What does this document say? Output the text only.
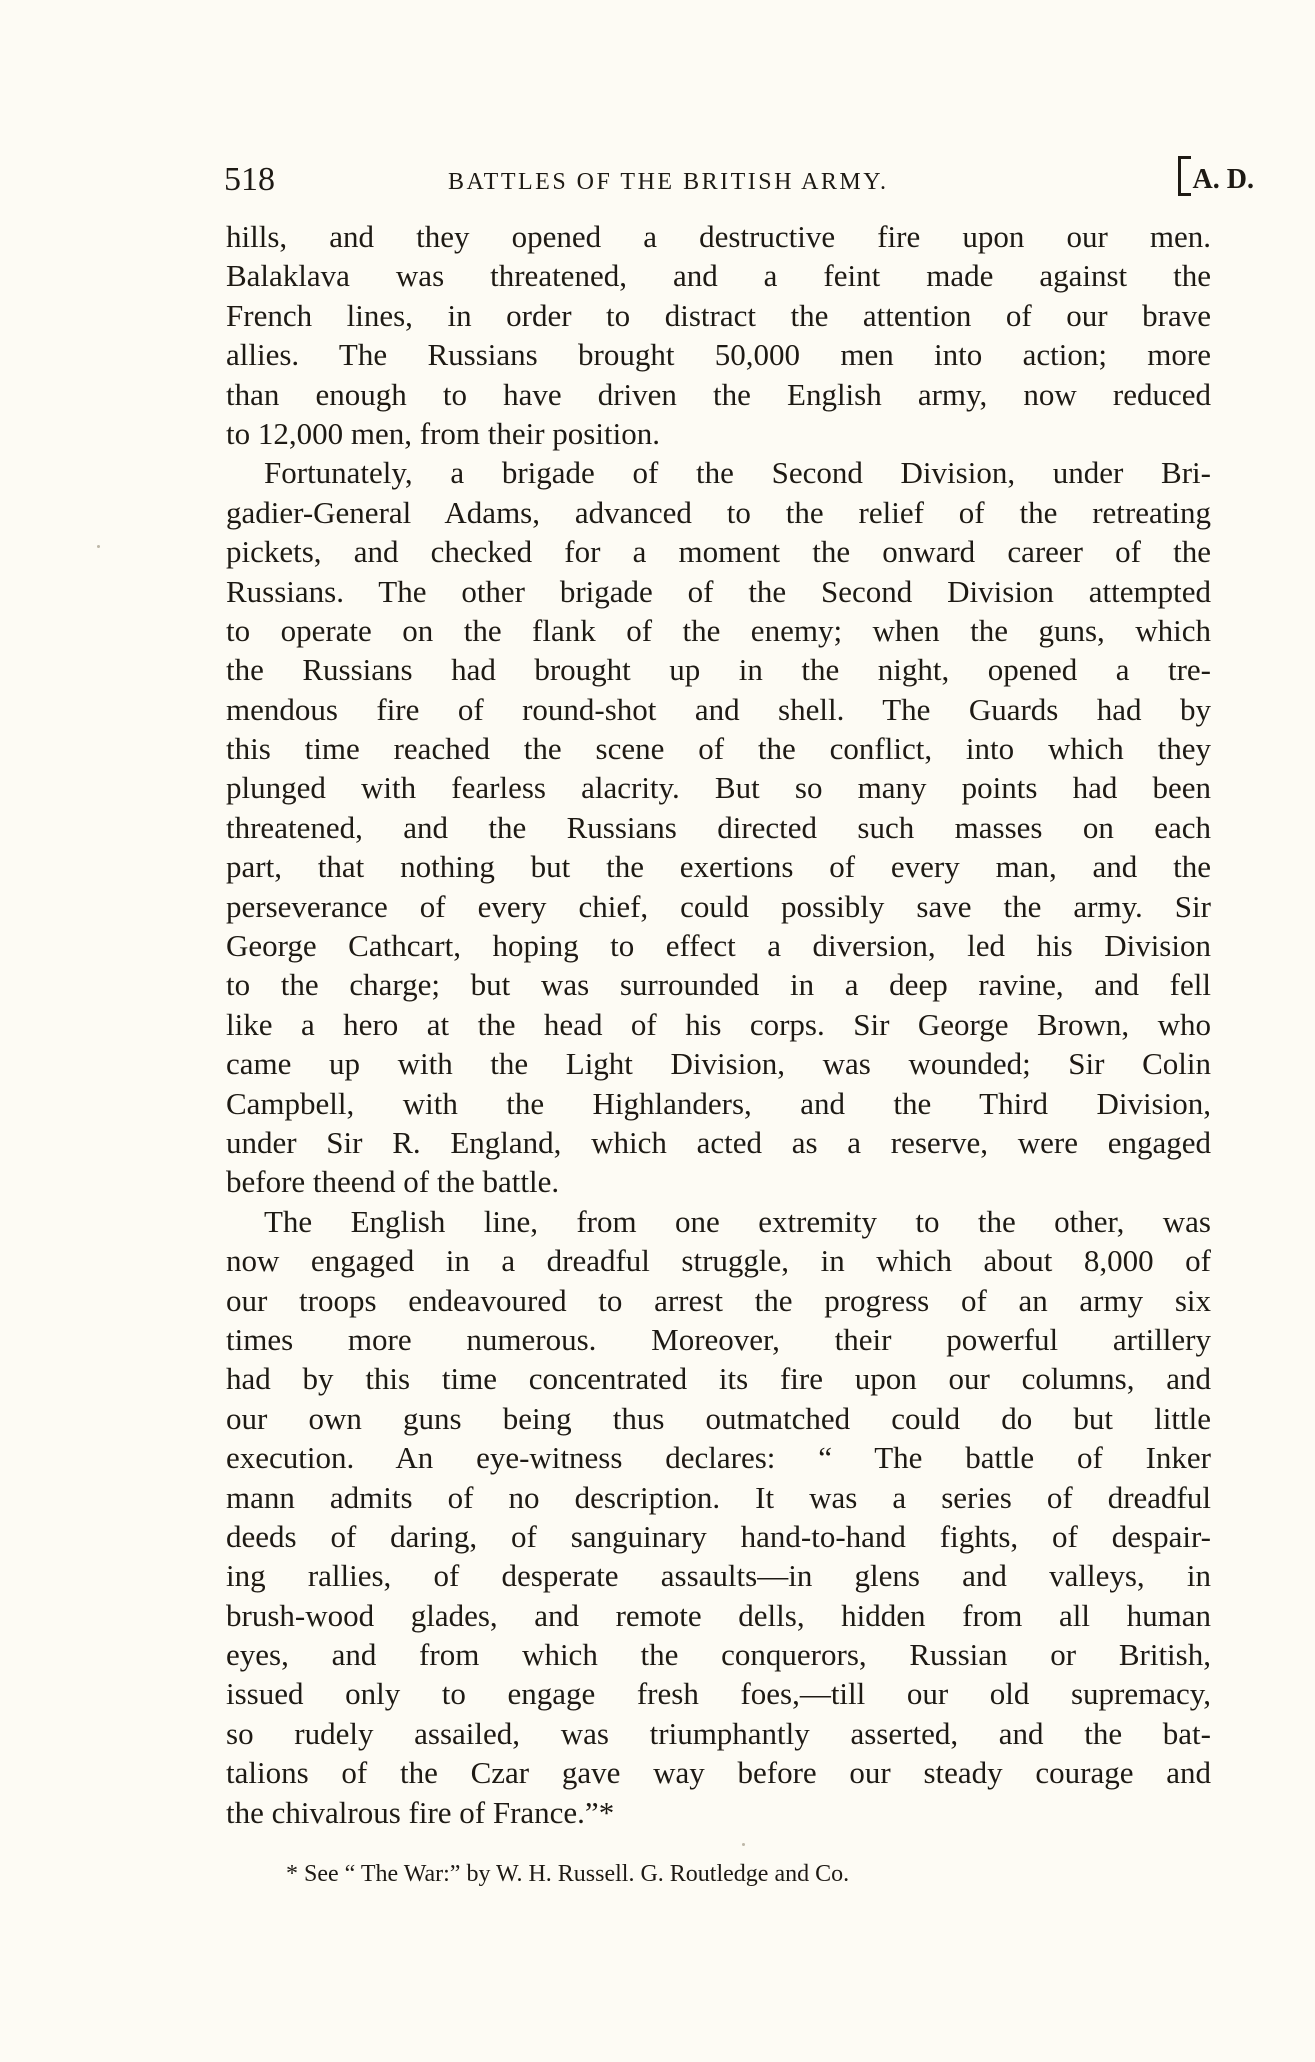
518	BATTLES OF THE BRITISH ARMY.	A. D.
hills, and they opened a destructive fire upon our men.
Balaklava was threatened, and a feint made against the
French lines, in order to distract the attention of our brave
allies. The Russians brought 50,000 men into action; more
than enough to have driven the English army, now reduced
to 12,000 men, from their position.
Fortunately, a brigade of the Second Division, under Bri-
gadier-General Adams, advanced to the relief of the retreating
pickets, and checked for a moment the onward career of the
Russians. The other brigade of the Second Division attempted
to operate on the flank of the enemy; when the guns, which
the Russians had brought up in the night, opened a tre-
mendous fire of round-shot and shell. The Guards had by
this time reached the scene of the conflict, into which they
plunged with fearless alacrity. But so many points had been
threatened, and the Russians directed such masses on each
part, that nothing but the exertions of every man, and the
perseverance of every chief, could possibly save the army. Sir
George Cathcart, hoping to effect a diversion, led his Division
to the charge; but was surrounded in a deep ravine, and fell
like a hero at the head of his corps. Sir George Brown, who
came up with the Light Division, was wounded; Sir Colin
Campbell, with the Highlanders, and the Third Division,
under Sir R. England, which acted as a reserve, were engaged
before theend of the battle.
The English line, from one extremity to the other, was
now engaged in a dreadful struggle, in which about 8,000 of
our troops endeavoured to arrest the progress of an army six
times more numerous. Moreover, their powerful artillery
had by this time concentrated its fire upon our columns, and
our own guns being thus outmatched could do but little
execution. An eye-witness declares: “ The battle of Inker
mann admits of no description. It was a series of dreadful
deeds of daring, of sanguinary hand-to-hand fights, of despair-
ing rallies, of desperate assaults—in glens and valleys, in
brush-wood glades, and remote dells, hidden from all human
eyes, and from which the conquerors, Russian or British,
issued only to engage fresh foes,—till our old supremacy,
so rudely assailed, was triumphantly asserted, and the bat-
talions of the Czar gave way before our steady courage and
the chivalrous fire of France.”*
* See “ The War:” by W. H. Russell. G. Routledge and Co.
